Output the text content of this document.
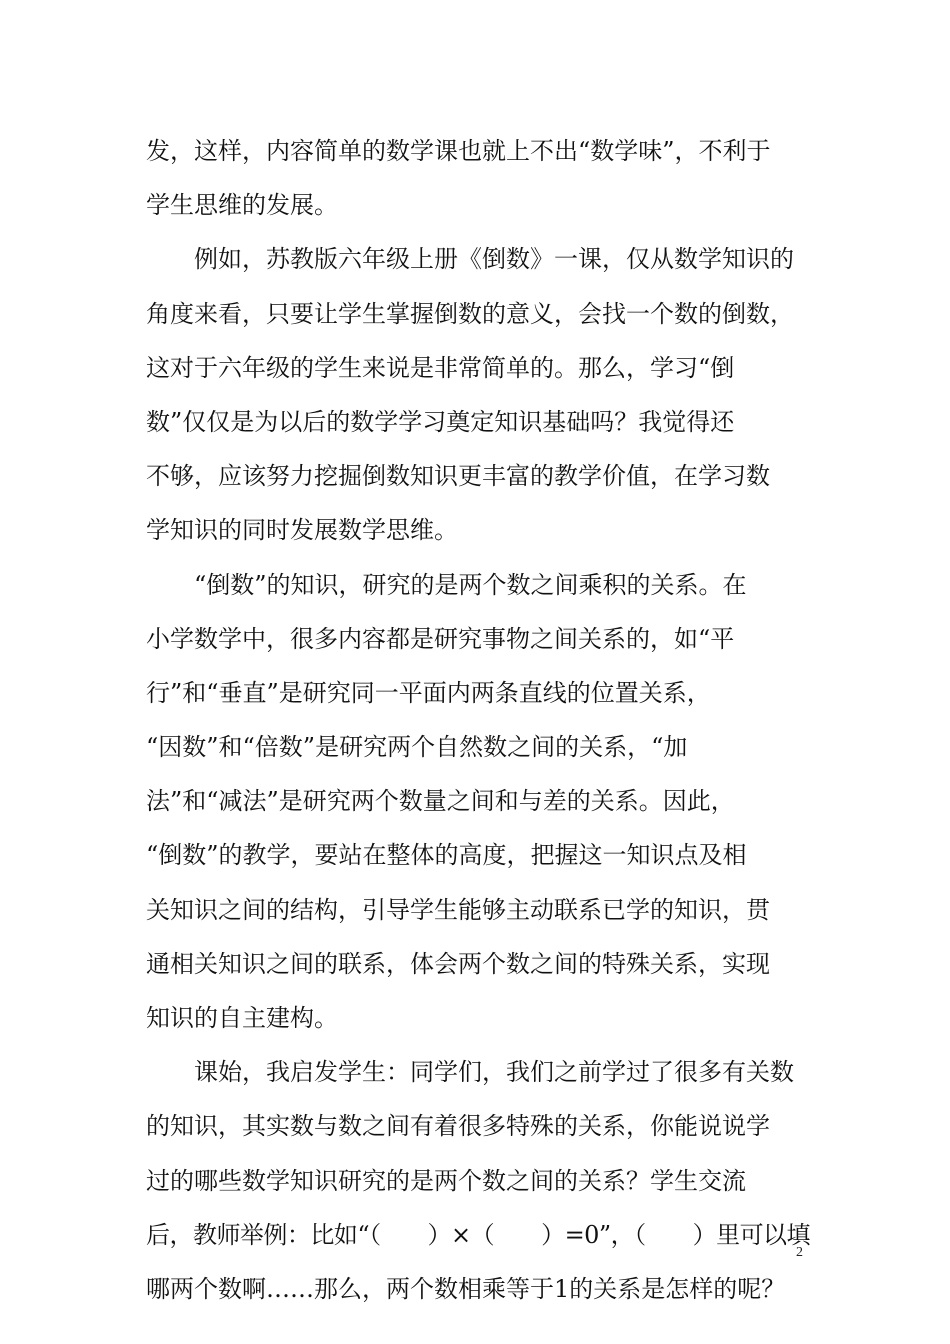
发，这样，内容简单的数学课也就上不出“数学味”，不利于
学生思维的发展。
例如，苏教版六年级上册《倒数》一课，仅从数学知识的
角度来看，只要让学生掌握倒数的意义，会找一个数的倒数，
这对于六年级的学生来说是非常简单的。那么，学习“倒
数”仅仅是为以后的数学学习奠定知识基础吗？我觉得还
不够，应该努力挖掘倒数知识更丰富的教学价值，在学习数
学知识的同时发展数学思维。
“倒数”的知识，研究的是两个数之间乘积的关系。在
小学数学中，很多内容都是研究事物之间关系的，如“平
行”和“垂直”是研究同一平面内两条直线的位置关系，
“因数”和“倍数”是研究两个自然数之间的关系，“加
法”和“减法”是研究两个数量之间和与差的关系。因此，
“倒数”的教学，要站在整体的高度，把握这一知识点及相
关知识之间的结构，引导学生能够主动联系已学的知识，贯
通相关知识之间的联系，体会两个数之间的特殊关系，实现
知识的自主建构。
课始，我启发学生：同学们，我们之前学过了很多有关数
的知识，其实数与数之间有着很多特殊的关系，你能说说学
过的哪些数学知识研究的是两个数之间的关系？学生交流
后，教师举例：比如“（　　）×（　　）=0”，（　　）里可以填
哪两个数啊……那么，两个数相乘等于1的关系是怎样的呢？
2
